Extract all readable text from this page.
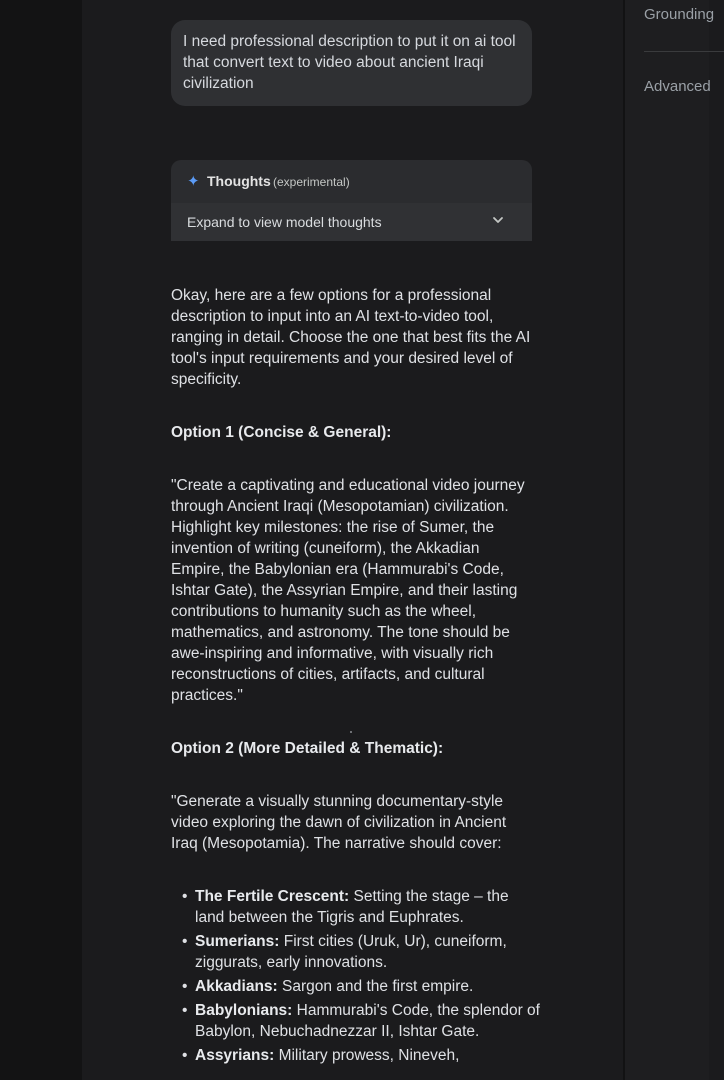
Grounding
Advanced
I need professional description to put it on ai tool that convert text to video about ancient Iraqi civilization
✦ Thoughts (experimental)
Expand to view model thoughts

Okay, here are a few options for a professional description to input into an AI text-to-video tool, ranging in detail. Choose the one that best fits the AI tool's input requirements and your desired level of specificity.

Option 1 (Concise & General):

"Create a captivating and educational video journey through Ancient Iraqi (Mesopotamian) civilization. Highlight key milestones: the rise of Sumer, the invention of writing (cuneiform), the Akkadian Empire, the Babylonian era (Hammurabi's Code, Ishtar Gate), the Assyrian Empire, and their lasting contributions to humanity such as the wheel, mathematics, and astronomy. The tone should be awe-inspiring and informative, with visually rich reconstructions of cities, artifacts, and cultural practices."

Option 2 (More Detailed & Thematic):

"Generate a visually stunning documentary-style video exploring the dawn of civilization in Ancient Iraq (Mesopotamia). The narrative should cover:

• The Fertile Crescent: Setting the stage – the land between the Tigris and Euphrates.
• Sumerians: First cities (Uruk, Ur), cuneiform, ziggurats, early innovations.
• Akkadians: Sargon and the first empire.
• Babylonians: Hammurabi's Code, the splendor of Babylon, Nebuchadnezzar II, Ishtar Gate.
• Assyrians: Military prowess, Nineveh,
